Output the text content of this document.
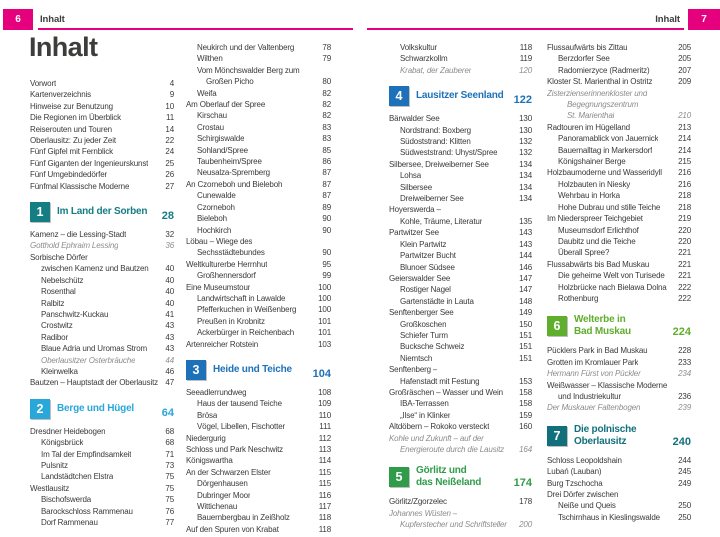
6	Inhalt	Inhalt	7
Inhalt
Vorwort	4
Kartenverzeichnis	9
Hinweise zur Benutzung	10
Die Regionen im Überblick	11
Reiserouten und Touren	14
Oberlausitz: Zu jeder Zeit	22
Fünf Gipfel mit Fernblick	24
Fünf Giganten der Ingenieurskunst 25
Fünf Umgebindedörfer	26
Fünfmal Klassische Moderne	27
1	Im Land der Sorben	28
Kamenz – die Lessing-Stadt	32
Gotthold Ephraim Lessing	36
Sorbische Dörfer
zwischen Kamenz und Bautzen 40
Nebelschütz	40
Rosenthal	40
Ralbitz	40
Panschwitz-Kuckau	41
Crostwitz	43
Radibor	43
Blaue Adria und Uromas Strom 43
Oberlausitzer Osterbräuche	44
Kleinwelka	46
Bautzen – Hauptstadt der Oberlausitz 47
2	Berge und Hügel	64
Dresdner Heidebogen	68
Königsbrück	68
Im Tal der Empfindsamkeit	71
Pulsnitz	73
Landstädtchen Elstra	75
Westlausitz	75
Bischofswerda	75
Barockschloss Rammenau	76
Dorf Rammenau	77
Neukirch und der Valtenberg	78
Wilthen	79
Vom Mönchswalder Berg zum
Großen Picho	80
Weifa	82
Am Oberlauf der Spree	82
Kirschau	82
Crostau	83
Schirgiswalde	83
Sohland/Spree	85
Taubenheim/Spree	86
Neusalza-Spremberg	87
An Czorneboh und Bieleboh	87
Cunewalde	87
Czorneboh	89
Bieleboh	90
Hochkirch	90
Löbau – Wiege des
Sechsstädtebundes	90
Weltkulturerbe Herrnhut	95
Großhennersdorf	99
Eine Museumstour	100
Landwirtschaft in Lawalde	100
Pfefferkuchen in Weißenberg	100
Preußen in Krobnitz	101
Ackerbürger in Reichenbach	101
Artenreicher Rotstein	103
3	Heide und Teiche	104
Seeadlerrundweg	108
Haus der tausend Teiche	109
Brösa	110
Vögel, Libellen, Fischotter	111
Niedergurig	112
Schloss und Park Neschwitz	113
Königswartha	114
An der Schwarzen Elster	115
Dörgenhausen	115
Dubringer Moor	116
Wittichenau	117
Bauernbergbau in Zeißholz	118
Auf den Spuren von Krabat	118
Volkskultur	118
Schwarzkollm	119
Krabat, der Zauberer	120
4	Lausitzer Seenland 122
Bärwalder See	130
Nordstrand: Boxberg	130
Südoststrand: Klitten	132
Südweststrand: Uhyst/Spree	132
Silbersee, Dreiweiberner See	134
Lohsa	134
Silbersee	134
Dreiweiberner See	134
Hoyerswerda –
Kohle, Träume, Literatur	135
Partwitzer See	143
Klein Partwitz	143
Partwitzer Bucht	144
Blunoer Südsee	146
Geierswalder See	147
Rostiger Nagel	147
Gartenstädte in Lauta	148
Senftenberger See	149
Großkoschen	150
Schiefer Turm	151
Bucksche Schweiz	151
Niemtsch	151
Senftenberg –
Hafenstadt mit Festung	153
Großräschen – Wasser und Wein 158
IBA-Terrassen	158
„Ilse“ in Klinker	159
Altdöbern – Rokoko versteckt	160
Kohle und Zukunft – auf der
Energieroute durch die Lausitz 164
5	Görlitz und
das Neißeland	174
Görlitz/Zgorzelec	178
Johannes Wüsten –
Kupferstecher und Schriftsteller 200
Flussaufwärts bis Zittau	205
Berzdorfer See	205
Radomierzyce (Radmeritz)	207
Kloster St. Marienthal in Ostritz	209
Zisterzienserinnenkloster und
Begegnungszentrum
St. Marienthal	210
Radtouren im Hügelland	213
Panoramablick von Jauernick 214
Bauernalltag in Markersdorf	214
Königshainer Berge	215
Holzbaumoderne und Wasseridyll 216
Holzbauten in Niesky	216
Wehrbau in Horka	218
Hohe Dubrau und stille Teiche 218
Im Niederspreer Teichgebiet	219
Museumsdorf Erlichthof	220
Daubitz und die Teiche	220
Überall Spree?	221
Flussabwärts bis Bad Muskau	221
Die geheime Welt von Turisede 221
Holzbrücke nach Bielawa Dolna 222
Rothenburg	222
6	Welterbe in
Bad Muskau	224
Pücklers Park in Bad Muskau	228
Grotten im Kromlauer Park	233
Hermann Fürst von Pückler	234
Weißwasser – Klassische Moderne
und Industriekultur	236
Der Muskauer Faltenbogen	239
7	Die polnische
Oberlausitz	240
Schloss Leopoldshain	244
Lubań (Lauban)	245
Burg Tzschocha	249
Drei Dörfer zwischen
Neiße und Queis	250
Tschirnhaus in Kieslingswalde 250
